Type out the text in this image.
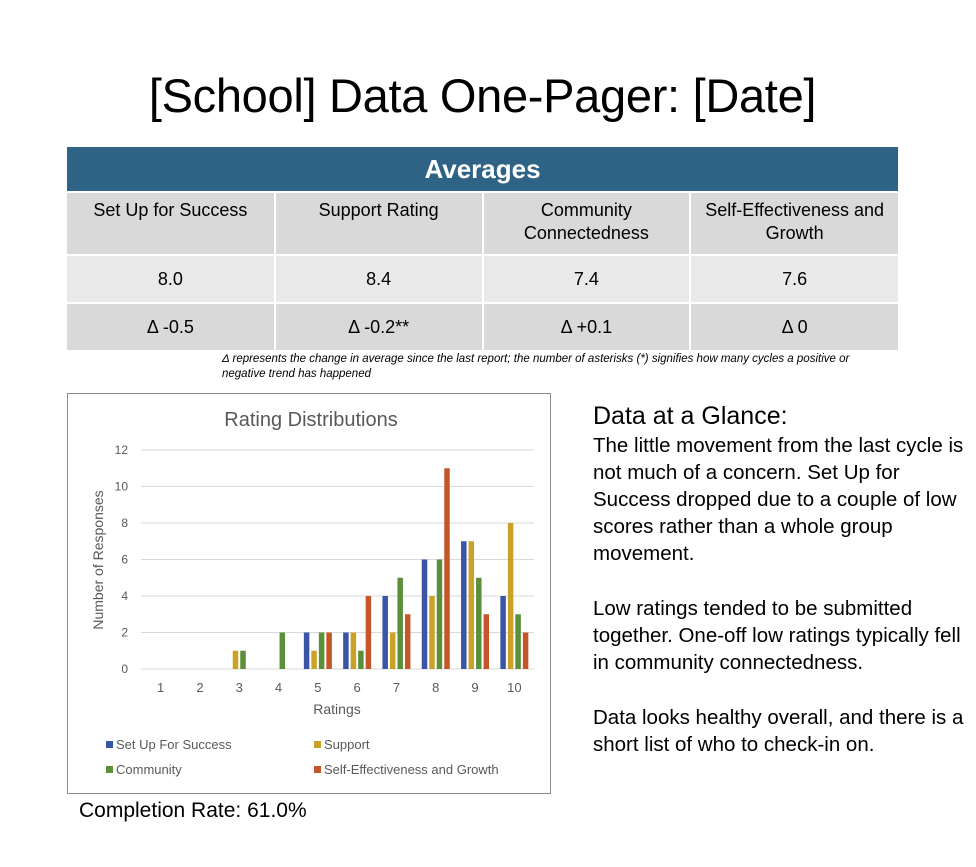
[School] Data One-Pager: [Date]
Averages			
Set Up for Success	Support Rating	Community Connectedness	Self-Effectiveness and Growth
8.0	8.4	7.4	7.6
Δ -0.5	Δ -0.2**	Δ +0.1	Δ 0
Δ represents the change in average since the last report; the number of asterisks (*) signifies how many cycles a positive or negative trend has happened
Rating Distributions
0
2
4
6
8
10
12
1 2 3 4 5 6 7 8 9 10
Ratings
Number of Responses
Set Up For Success	Support
Community	Self-Effectiveness and Growth
Completion Rate: 61.0%
Data at a Glance:

The little movement from the last cycle is not much of a concern. Set Up for Success dropped due to a couple of low scores rather than a whole group movement.

Low ratings tended to be submitted together. One-off low ratings typically fell in community connectedness.

Data looks healthy overall, and there is a short list of who to check-in on.
